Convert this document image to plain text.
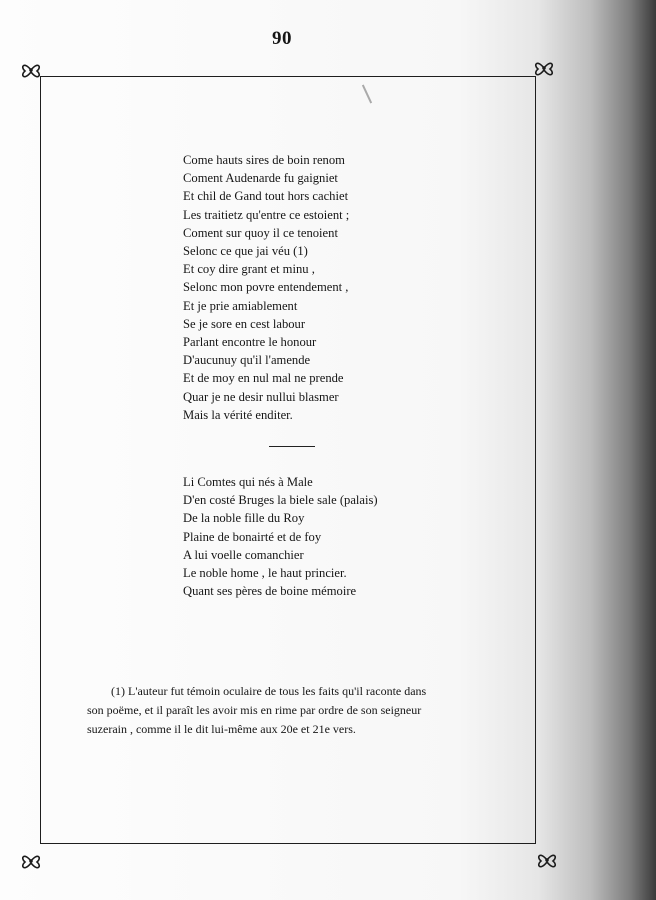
90
Come hauts sires de boin renom
Coment Audenarde fu gaigniet
Et chil de Gand tout hors cachiet
Les traitietz qu'entre ce estoient ;
Coment sur quoy il ce tenoient
Selonc ce que jai véu (1)
Et coy dire grant et minu ,
Selonc mon povre entendement ,
Et je prie amiablement
Se je sore en cest labour
Parlant encontre le honour
D'aucunuy qu'il l'amende
Et de moy en nul mal ne prende
Quar je ne desir nullui blasmer
Mais la vérité enditer.
Li Comtes qui nés à Male
D'en costé Bruges la biele sale (palais)
De la noble fille du Roy
Plaine de bonairté et de foy
A lui voelle comanchier
Le noble home , le haut princier.
Quant ses pères de boine mémoire

(1) L'auteur fut témoin oculaire de tous les faits qu'il raconte dans
son poëme, et il paraît les avoir mis en rime par ordre de son seigneur
suzerain , comme il le dit lui-même aux 20e et 21e vers.
